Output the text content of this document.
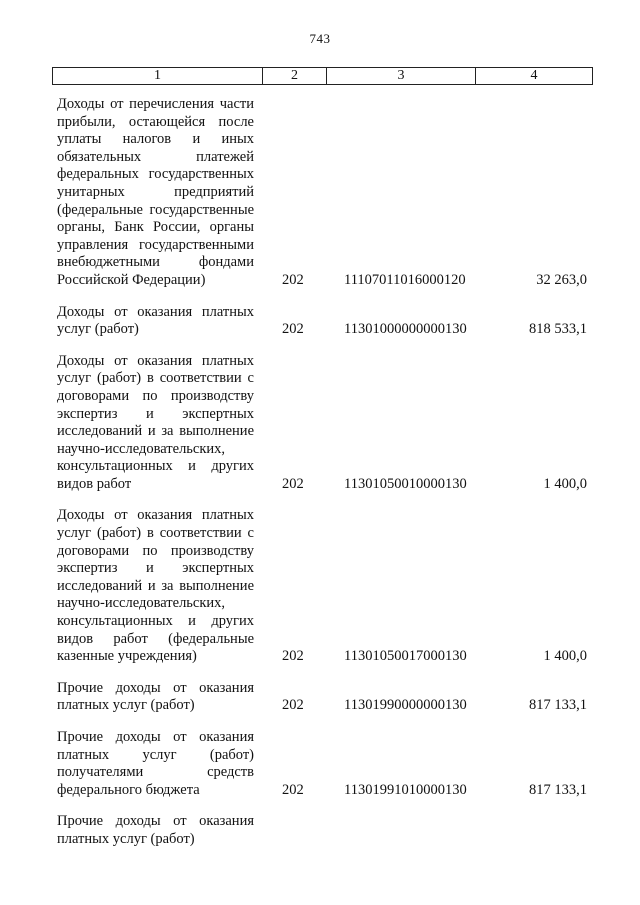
743
1	2	3	4
Доходы от перечисления части прибыли, остающейся после уплаты налогов и иных обязательных платежей федеральных государственных унитарных предприятий (федеральные государственные органы, Банк России, органы управления государственными внебюджетными фондами Российской Федерации)	202	11107011016000120	32 263,0
Доходы от оказания платных услуг (работ)	202	11301000000000130	818 533,1
Доходы от оказания платных услуг (работ) в соответствии с договорами по производству экспертиз и экспертных исследований и за выполнение научно-исследовательских, консультационных и других видов работ	202	11301050010000130	1 400,0
Доходы от оказания платных услуг (работ) в соответствии с договорами по производству экспертиз и экспертных исследований и за выполнение научно-исследовательских, консультационных и других видов работ (федеральные казенные учреждения)	202	11301050017000130	1 400,0
Прочие доходы от оказания платных услуг (работ)	202	11301990000000130	817 133,1
Прочие доходы от оказания платных услуг (работ) получателями средств федерального бюджета	202	11301991010000130	817 133,1
Прочие доходы от оказания платных услуг (работ)
